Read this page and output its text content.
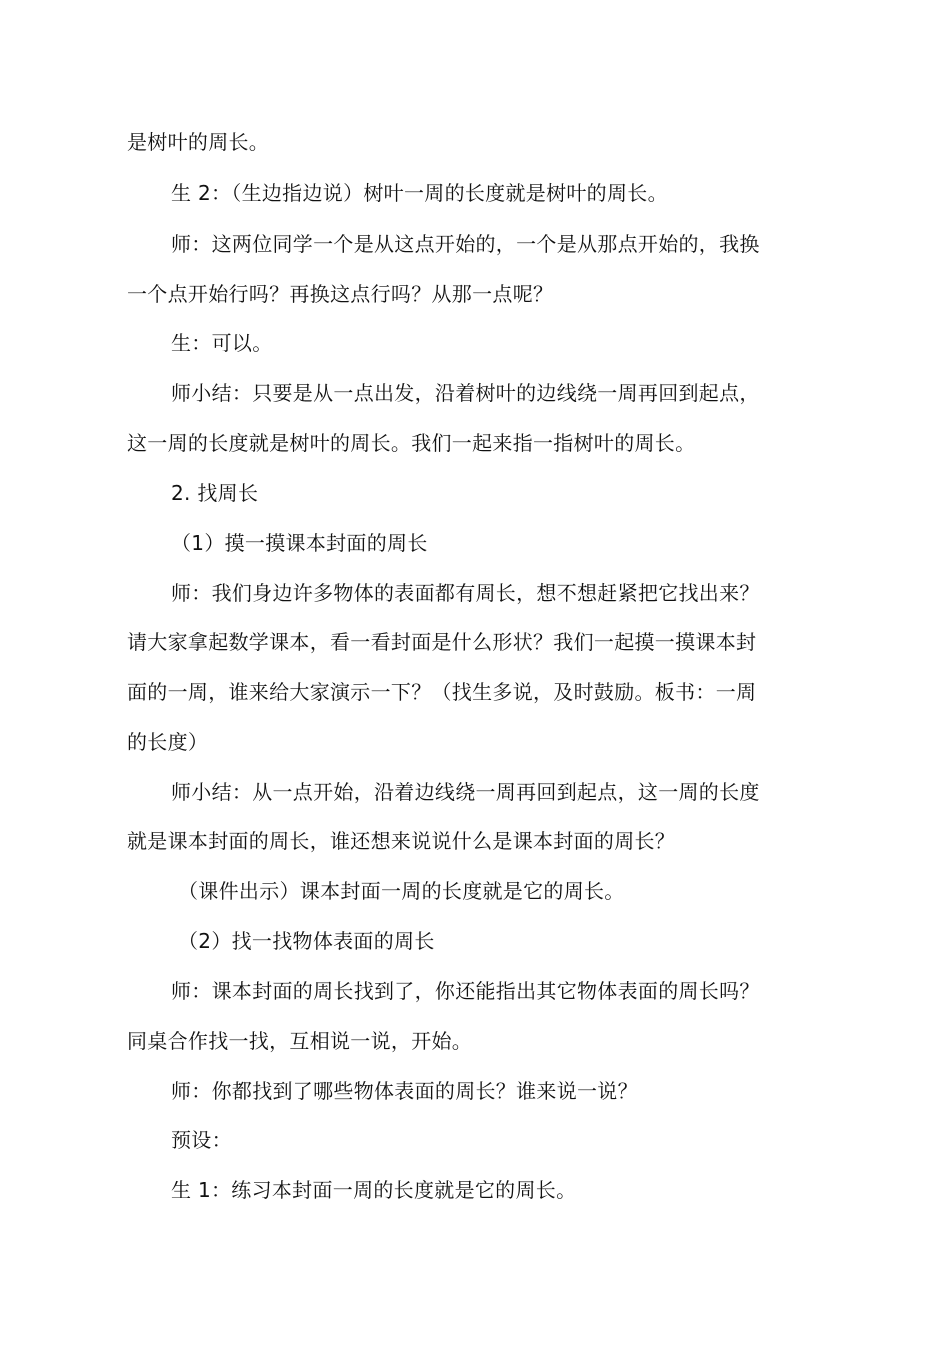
是树叶的周长。
生 2：（生边指边说）树叶一周的长度就是树叶的周长。
师：这两位同学一个是从这点开始的，一个是从那点开始的，我换
一个点开始行吗？再换这点行吗？从那一点呢？
生：可以。
师小结：只要是从一点出发，沿着树叶的边线绕一周再回到起点，
这一周的长度就是树叶的周长。我们一起来指一指树叶的周长。
2. 找周长
（1）摸一摸课本封面的周长
师：我们身边许多物体的表面都有周长，想不想赶紧把它找出来？
请大家拿起数学课本，看一看封面是什么形状？我们一起摸一摸课本封
面的一周，谁来给大家演示一下？（找生多说，及时鼓励。板书：一周
的长度）
师小结：从一点开始，沿着边线绕一周再回到起点，这一周的长度
就是课本封面的周长，谁还想来说说什么是课本封面的周长？
（课件出示）课本封面一周的长度就是它的周长。
（2）找一找物体表面的周长
师：课本封面的周长找到了，你还能指出其它物体表面的周长吗？
同桌合作找一找，互相说一说，开始。
师：你都找到了哪些物体表面的周长？谁来说一说？
预设：
生 1：练习本封面一周的长度就是它的周长。
